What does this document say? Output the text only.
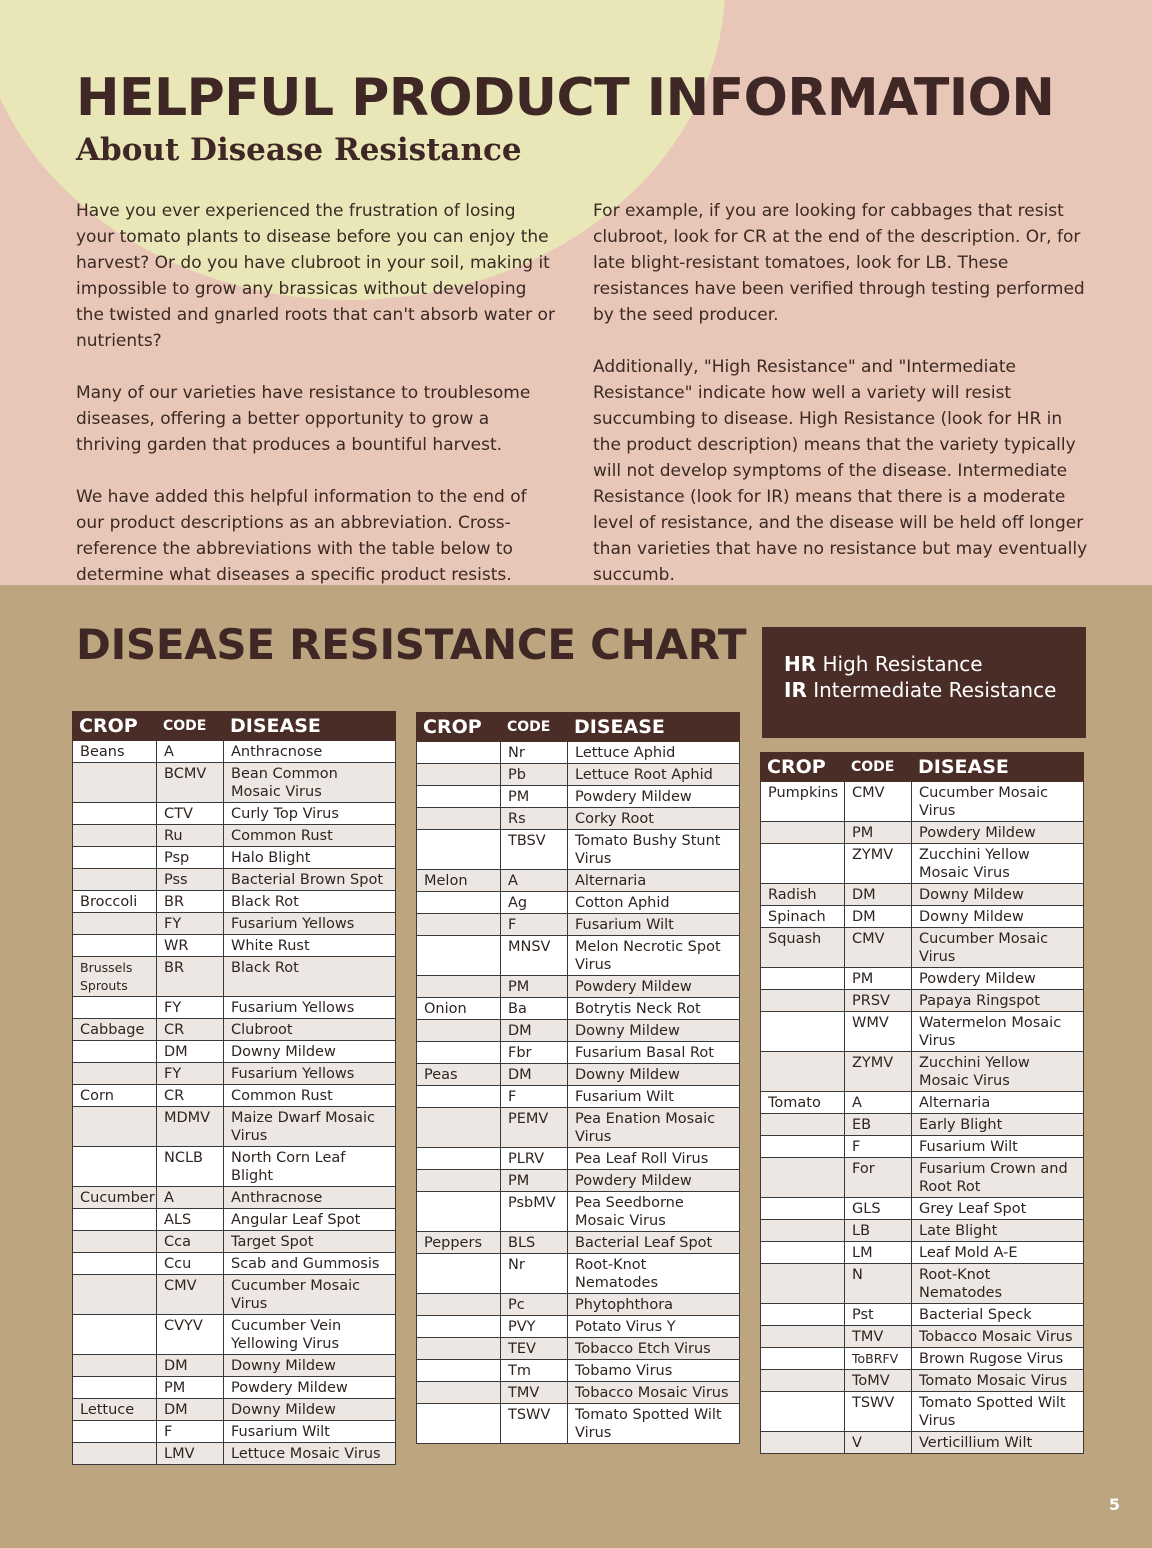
HELPFUL PRODUCT INFORMATION
About Disease Resistance

Have you ever experienced the frustration of losing your tomato plants to disease before you can enjoy the harvest? Or do you have clubroot in your soil, making it impossible to grow any brassicas without developing the twisted and gnarled roots that can't absorb water or nutrients?

Many of our varieties have resistance to troublesome diseases, offering a better opportunity to grow a thriving garden that produces a bountiful harvest.

We have added this helpful information to the end of our product descriptions as an abbreviation. Cross-reference the abbreviations with the table below to determine what diseases a specific product resists.

For example, if you are looking for cabbages that resist clubroot, look for CR at the end of the description. Or, for late blight-resistant tomatoes, look for LB. These resistances have been verified through testing performed by the seed producer.

Additionally, "High Resistance" and "Intermediate Resistance" indicate how well a variety will resist succumbing to disease. High Resistance (look for HR in the product description) means that the variety typically will not develop symptoms of the disease. Intermediate Resistance (look for IR) means that there is a moderate level of resistance, and the disease will be held off longer than varieties that have no resistance but may eventually succumb.

DISEASE RESISTANCE CHART HR High Resistance
IR Intermediate Resistance
CROP	CODE	DISEASE
Beans	A	Anthracnose
	BCMV	Bean Common Mosaic Virus
	CTV	Curly Top Virus
	Ru	Common Rust
	Psp	Halo Blight
	Pss	Bacterial Brown Spot
Broccoli	BR	Black Rot
	FY	Fusarium Yellows
	WR	White Rust
Brussels Sprouts	BR	Black Rot
	FY	Fusarium Yellows
Cabbage	CR	Clubroot
	DM	Downy Mildew
	FY	Fusarium Yellows
Corn	CR	Common Rust
	MDMV	Maize Dwarf Mosaic Virus
	NCLB	North Corn Leaf Blight
Cucumber	A	Anthracnose
	ALS	Angular Leaf Spot
	Cca	Target Spot
	Ccu	Scab and Gummosis
	CMV	Cucumber Mosaic Virus
	CVYV	Cucumber Vein Yellowing Virus
	DM	Downy Mildew
	PM	Powdery Mildew
Lettuce	DM	Downy Mildew
	F	Fusarium Wilt
	LMV	Lettuce Mosaic Virus
CROP	CODE	DISEASE
	Nr	Lettuce Aphid
	Pb	Lettuce Root Aphid
	PM	Powdery Mildew
	Rs	Corky Root
	TBSV	Tomato Bushy Stunt Virus
Melon	A	Alternaria
	Ag	Cotton Aphid
	F	Fusarium Wilt
	MNSV	Melon Necrotic Spot Virus
	PM	Powdery Mildew
Onion	Ba	Botrytis Neck Rot
	DM	Downy Mildew
	Fbr	Fusarium Basal Rot
Peas	DM	Downy Mildew
	F	Fusarium Wilt
	PEMV	Pea Enation Mosaic Virus
	PLRV	Pea Leaf Roll Virus
	PM	Powdery Mildew
	PsbMV	Pea Seedborne Mosaic Virus
Peppers	BLS	Bacterial Leaf Spot
	Nr	Root-Knot Nematodes
	Pc	Phytophthora
	PVY	Potato Virus Y
	TEV	Tobacco Etch Virus
	Tm	Tobamo Virus
	TMV	Tobacco Mosaic Virus
	TSWV	Tomato Spotted Wilt Virus
CROP	CODE	DISEASE
Pumpkins	CMV	Cucumber Mosaic Virus
	PM	Powdery Mildew
	ZYMV	Zucchini Yellow Mosaic Virus
Radish	DM	Downy Mildew
Spinach	DM	Downy Mildew
Squash	CMV	Cucumber Mosaic Virus
	PM	Powdery Mildew
	PRSV	Papaya Ringspot
	WMV	Watermelon Mosaic Virus
	ZYMV	Zucchini Yellow Mosaic Virus
Tomato	A	Alternaria
	EB	Early Blight
	F	Fusarium Wilt
	For	Fusarium Crown and Root Rot
	GLS	Grey Leaf Spot
	LB	Late Blight
	LM	Leaf Mold A-E
	N	Root-Knot Nematodes
	Pst	Bacterial Speck
	TMV	Tobacco Mosaic Virus
	ToBRFV	Brown Rugose Virus
	ToMV	Tomato Mosaic Virus
	TSWV	Tomato Spotted Wilt Virus
	V	Verticillium Wilt
5
